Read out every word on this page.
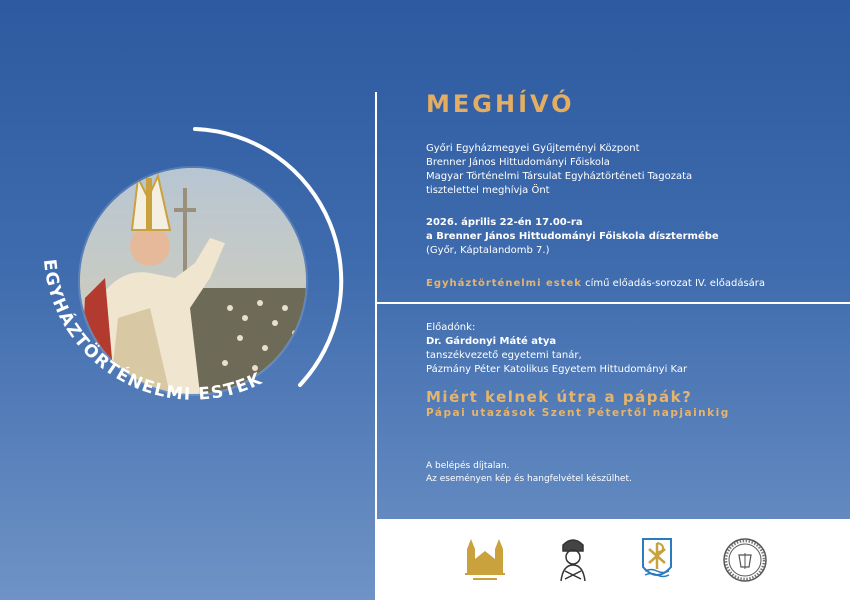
EGYHÁZTÖRTÉNELMI ESTEK
MEGHÍVÓ
Győri Egyházmegyei Gyűjteményi Központ
Brenner János Hittudományi Főiskola
Magyar Történelmi Társulat Egyháztörténeti Tagozata
tisztelettel meghívja Önt
2026. április 22-én 17.00-ra
a Brenner János Hittudományi Főiskola dísztermébe
(Győr, Káptalandomb 7.)
Egyháztörténelmi estek című előadás-sorozat IV. előadására
Előadónk:
Dr. Gárdonyi Máté atya
tanszékvezető egyetemi tanár,
Pázmány Péter Katolikus Egyetem Hittudományi Kar
Miért kelnek útra a pápák?
Pápai utazások Szent Pétertől napjainkig
A belépés díjtalan.
Az eseményen kép és hangfelvétel készülhet.
